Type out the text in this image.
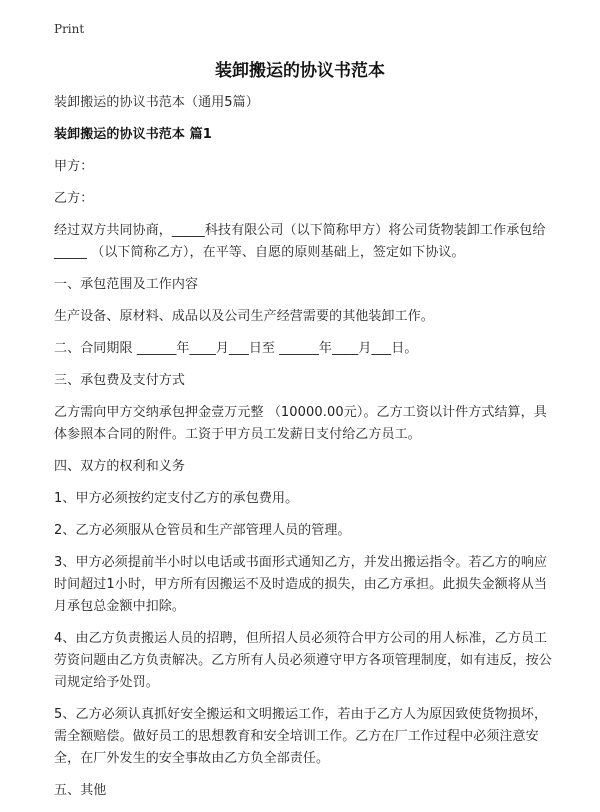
Print
装卸搬运的协议书范本

装卸搬运的协议书范本（通用5篇）

装卸搬运的协议书范本 篇1

甲方：

乙方：

经过双方共同协商，_____科技有限公司（以下简称甲方）将公司货物装卸工作承包给_____ （以下简称乙方），在平等、自愿的原则基础上，签定如下协议。

一、承包范围及工作内容

生产设备、原材料、成品以及公司生产经营需要的其他装卸工作。

二、合同期限 ______年____月___日至 ______年____月___日。

三、承包费及支付方式

乙方需向甲方交纳承包押金壹万元整 （10000.00元）。乙方工资以计件方式结算，具体参照本合同的附件。工资于甲方员工发薪日支付给乙方员工。

四、双方的权利和义务

1、甲方必须按约定支付乙方的承包费用。

2、乙方必须服从仓管员和生产部管理人员的管理。

3、甲方必须提前半小时以电话或书面形式通知乙方，并发出搬运指令。若乙方的响应时间超过1小时，甲方所有因搬运不及时造成的损失，由乙方承担。此损失金额将从当月承包总金额中扣除。

4、由乙方负责搬运人员的招聘，但所招人员必须符合甲方公司的用人标准，乙方员工劳资问题由乙方负责解决。乙方所有人员必须遵守甲方各项管理制度，如有违反，按公司规定给予处罚。

5、乙方必须认真抓好安全搬运和文明搬运工作，若由于乙方人为原因致使货物损坏，需全额赔偿。做好员工的思想教育和安全培训工作。乙方在厂工作过程中必须注意安全，在厂外发生的安全事故由乙方负全部责任。

五、其他
